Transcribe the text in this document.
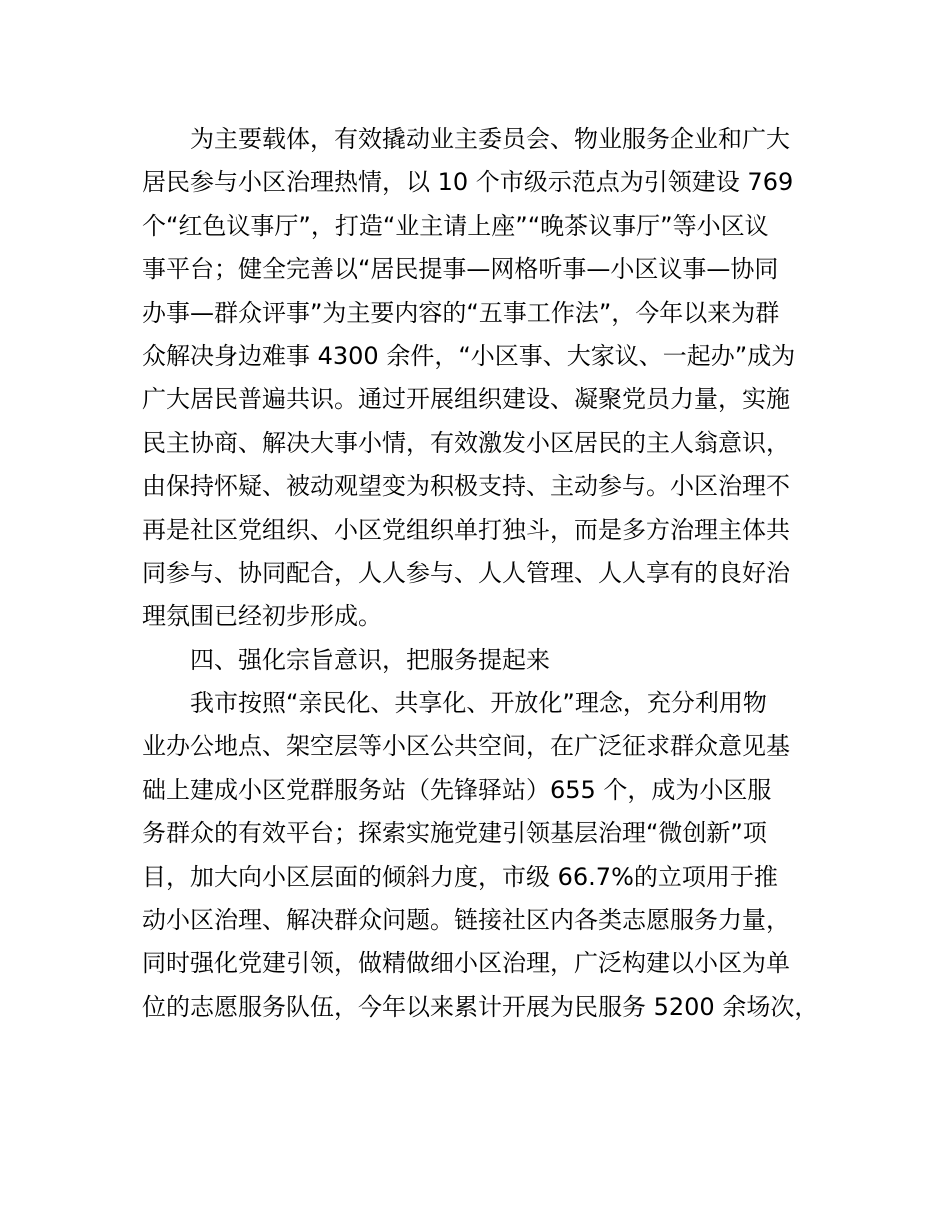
为主要载体，有效撬动业主委员会、物业服务企业和广大
居民参与小区治理热情，以 10 个市级示范点为引领建设 769
个“红色议事厅”，打造“业主请上座”“晚茶议事厅”等小区议
事平台；健全完善以“居民提事—网格听事—小区议事—协同
办事—群众评事”为主要内容的“五事工作法”，今年以来为群
众解决身边难事 4300 余件，“小区事、大家议、一起办”成为
广大居民普遍共识。通过开展组织建设、凝聚党员力量，实施
民主协商、解决大事小情，有效激发小区居民的主人翁意识，
由保持怀疑、被动观望变为积极支持、主动参与。小区治理不
再是社区党组织、小区党组织单打独斗，而是多方治理主体共
同参与、协同配合，人人参与、人人管理、人人享有的良好治
理氛围已经初步形成。
四、强化宗旨意识，把服务提起来
我市按照“亲民化、共享化、开放化”理念，充分利用物
业办公地点、架空层等小区公共空间，在广泛征求群众意见基
础上建成小区党群服务站（先锋驿站）655 个，成为小区服
务群众的有效平台；探索实施党建引领基层治理“微创新”项
目，加大向小区层面的倾斜力度，市级 66.7%的立项用于推
动小区治理、解决群众问题。链接社区内各类志愿服务力量，
同时强化党建引领，做精做细小区治理，广泛构建以小区为单
位的志愿服务队伍，今年以来累计开展为民服务 5200 余场次，
